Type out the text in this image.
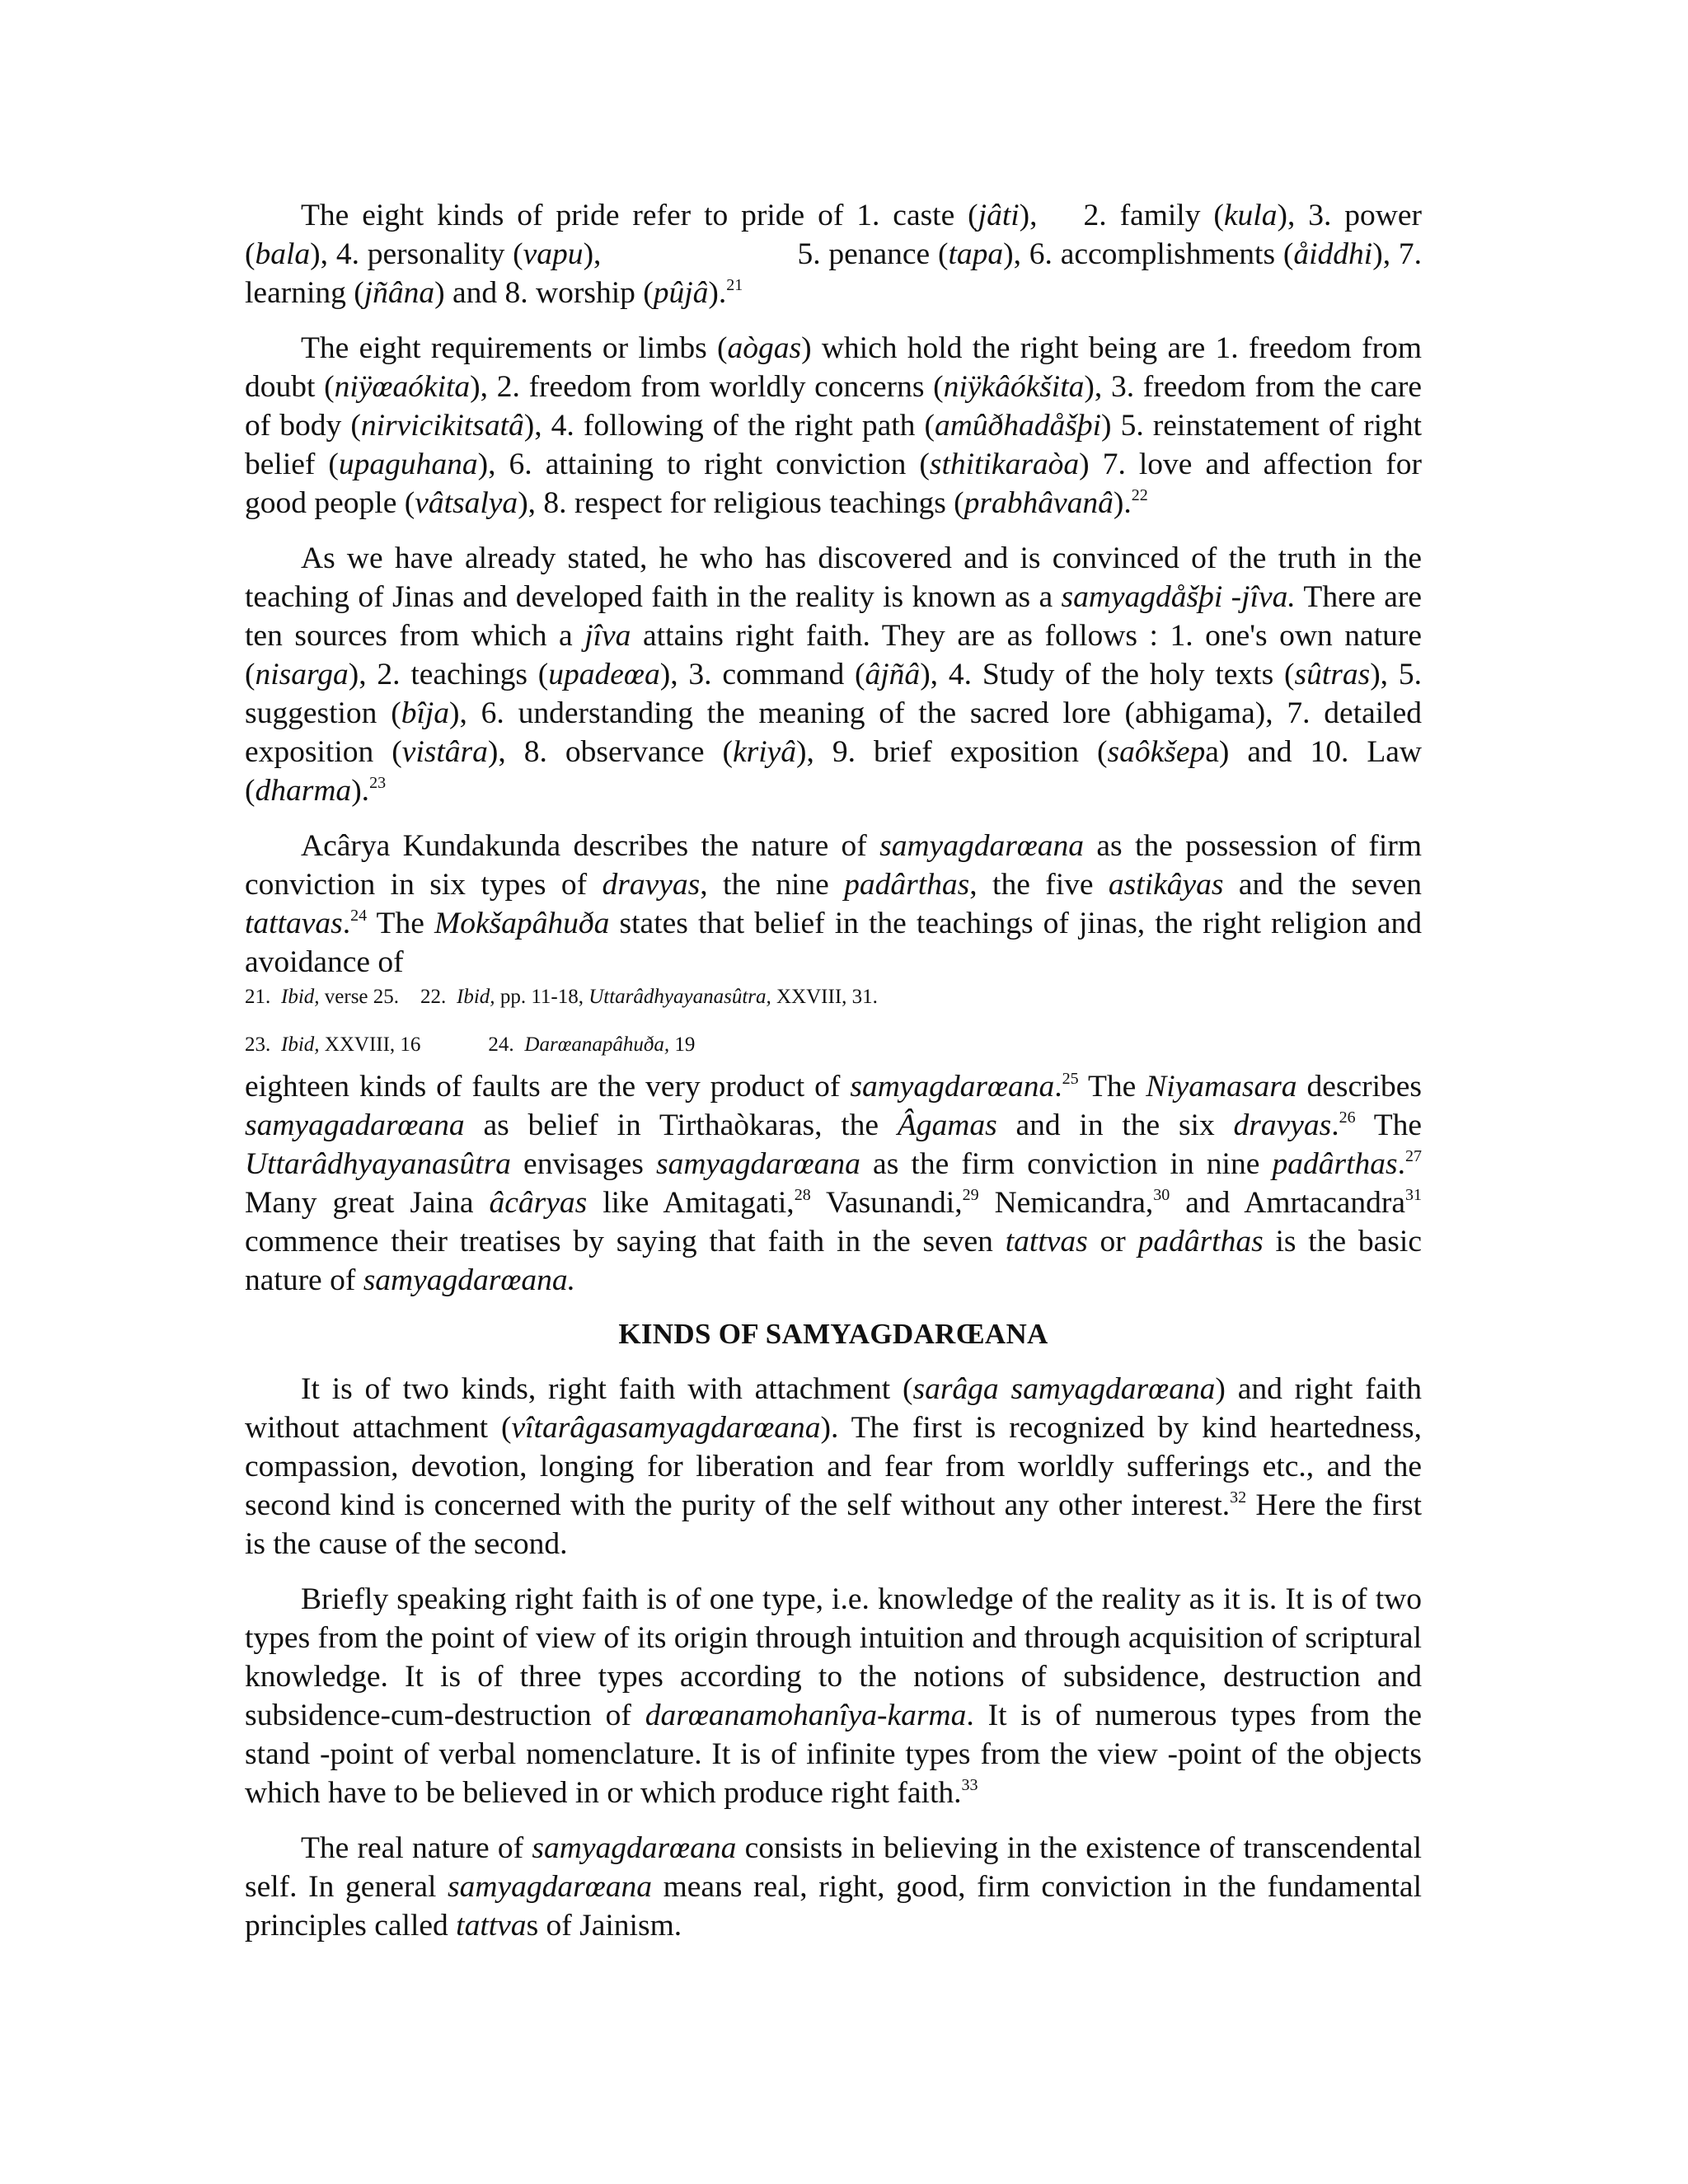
The eight kinds of pride refer to pride of 1. caste (jâti), 2. family (kula), 3. power (bala), 4. personality (vapu),	5. penance (tapa), 6. accomplishments (åiddhi), 7. learning (jñâna) and 8. worship (pûjâ).$^{21}$

The eight requirements or limbs (aògas) which hold the right being are 1. freedom from doubt (niÿœaókita), 2. freedom from worldly concerns (niÿkâókšita), 3. freedom from the care of body (nirvicikitsatâ), 4. following of the right path (amûðhadåšþi) 5. reinstatement of right belief (upaguhana), 6. attaining to right conviction (sthitikaraòa) 7. love and affection for good people (vâtsalya), 8. respect for religious teachings (prabhâvanâ).$^{22}$

As we have already stated, he who has discovered and is convinced of the truth in the teaching of Jinas and developed faith in the reality is known as a samyagdåšþi -jîva. There are ten sources from which a jîva attains right faith. They are as follows : 1. one's own nature (nisarga), 2. teachings (upadeœa), 3. command (âjñâ), 4. Study of the holy texts (sûtras), 5. suggestion (bîja), 6. understanding the meaning of the sacred lore (abhigama), 7. detailed exposition (vistâra), 8. observance (kriyâ), 9. brief exposition (saôkšepa) and 10. Law (dharma).$^{23}$

Acârya Kundakunda describes the nature of samyagdarœana as the possession of firm conviction in six types of dravyas, the nine padârthas, the five astikâyas and the seven tattavas.$^{24}$ The Mokšapâhuða states that belief in the teachings of jinas, the right religion and avoidance of

21. Ibid, verse 25. 22. Ibid, pp. 11-18, Uttarâdhyayanasûtra, XXVIII, 31.
23. Ibid, XXVIII, 16	24. Darœanapâhuða, 19

eighteen kinds of faults are the very product of samyagdarœana.$^{25}$ The Niyamasara describes samyagadarœana as belief in Tirthaòkaras, the Âgamas and in the six dravyas.$^{26}$ The Uttarâdhyayanasûtra envisages samyagdarœana as the firm conviction in nine padârthas.$^{27}$ Many great Jaina âcâryas like Amitagati,$^{28}$ Vasunandi,$^{29}$ Nemicandra,$^{30}$ and Amrtacandra$^{31}$ commence their treatises by saying that faith in the seven tattvas or padârthas is the basic nature of samyagdarœana.

KINDS OF SAMYAGDARŒANA

It is of two kinds, right faith with attachment (sarâga samyagdarœana) and right faith without attachment (vîtarâgasamyagdarœana). The first is recognized by kind heartedness, compassion, devotion, longing for liberation and fear from worldly sufferings etc., and the second kind is concerned with the purity of the self without any other interest.$^{32}$ Here the first is the cause of the second.

Briefly speaking right faith is of one type, i.e. knowledge of the reality as it is. It is of two types from the point of view of its origin through intuition and through acquisition of scriptural knowledge. It is of three types according to the notions of subsidence, destruction and subsidence-cum-destruction of darœanamohanîya-karma. It is of numerous types from the stand -point of verbal nomenclature. It is of infinite types from the view -point of the objects which have to be believed in or which produce right faith.$^{33}$

The real nature of samyagdarœana consists in believing in the existence of transcendental self. In general samyagdarœana means real, right, good, firm conviction in the fundamental principles called tattvas of Jainism.
